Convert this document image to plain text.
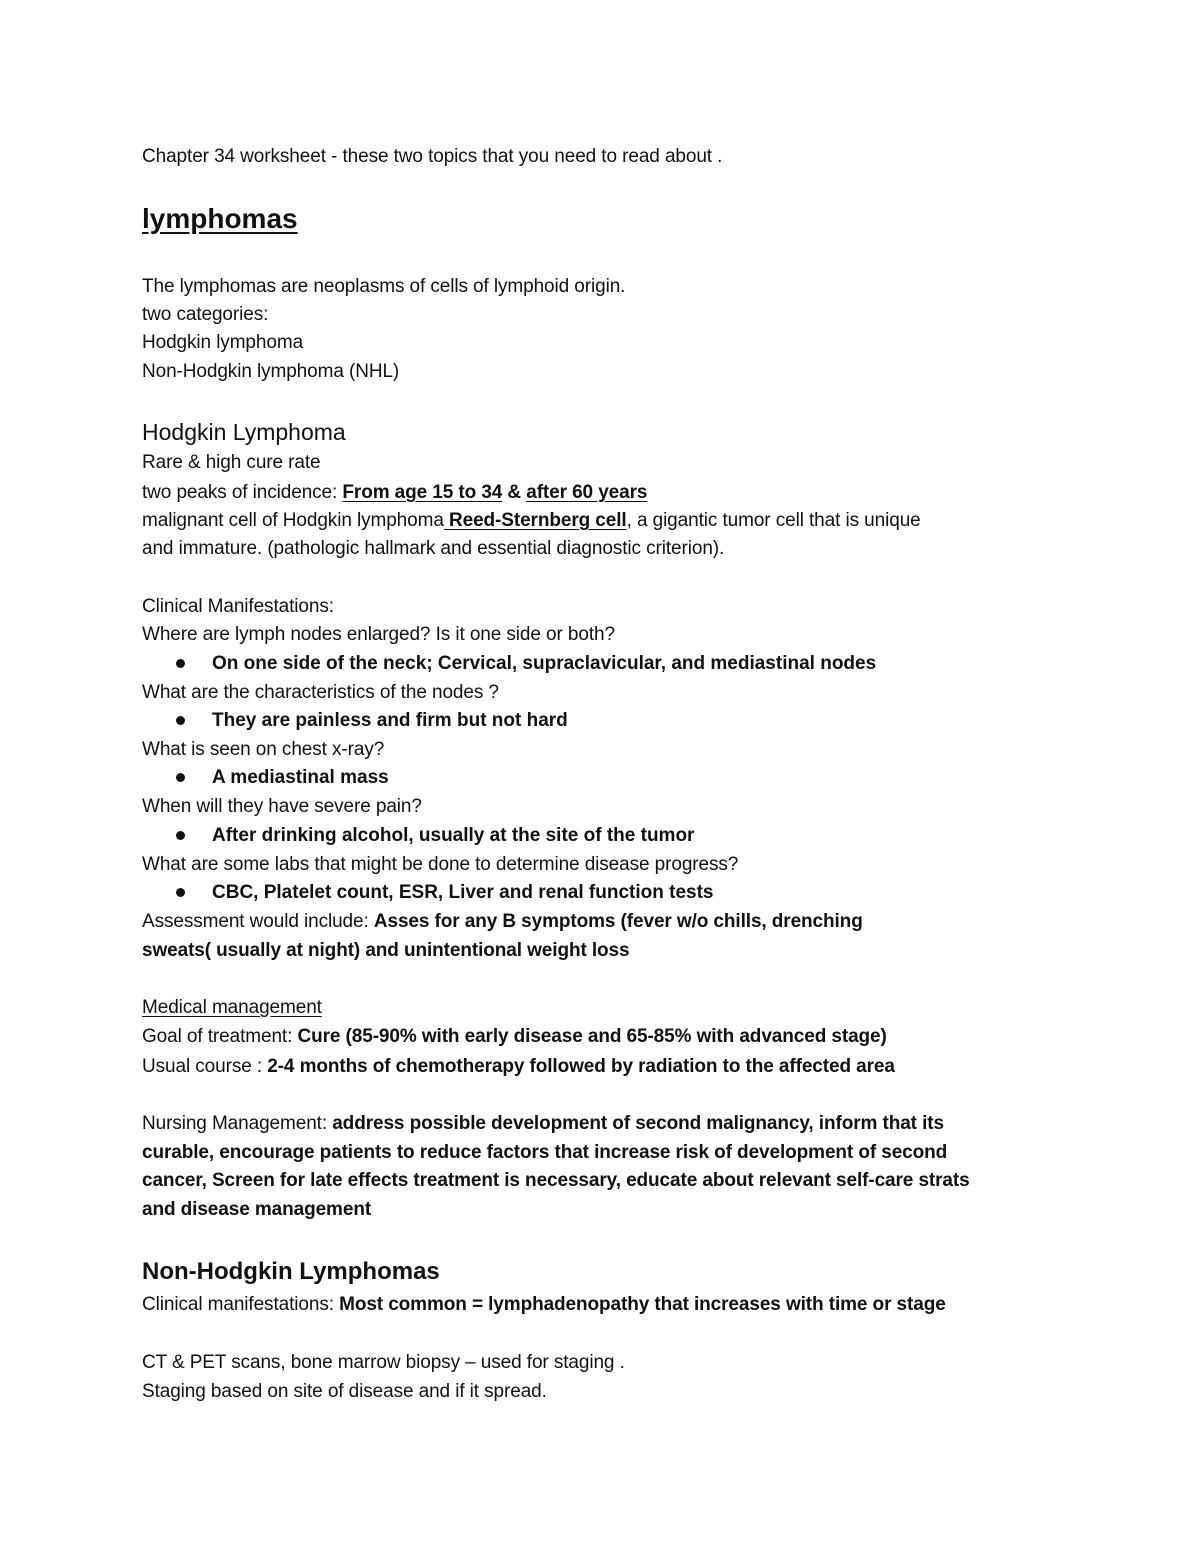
Chapter 34 worksheet - these two topics that you need to read about .
lymphomas
The lymphomas are neoplasms of cells of lymphoid origin.
two categories:
Hodgkin lymphoma
Non-Hodgkin lymphoma (NHL)
Hodgkin Lymphoma
Rare & high cure rate
two peaks of incidence: From age 15 to 34 & after 60 years
malignant cell of Hodgkin lymphoma Reed-Sternberg cell, a gigantic tumor cell that is unique
and immature. (pathologic hallmark and essential diagnostic criterion).
Clinical Manifestations:
Where are lymph nodes enlarged? Is it one side or both?
On one side of the neck; Cervical, supraclavicular, and mediastinal nodes
What are the characteristics of the nodes ?
They are painless and firm but not hard
What is seen on chest x-ray?
A mediastinal mass
When will they have severe pain?
After drinking alcohol, usually at the site of the tumor
What are some labs that might be done to determine disease progress?
CBC, Platelet count, ESR, Liver and renal function tests
Assessment would include: Asses for any B symptoms (fever w/o chills, drenching
sweats( usually at night) and unintentional weight loss
Medical management
Goal of treatment: Cure (85-90% with early disease and 65-85% with advanced stage)
Usual course : 2-4 months of chemotherapy followed by radiation to the affected area
Nursing Management: address possible development of second malignancy, inform that its
curable, encourage patients to reduce factors that increase risk of development of second
cancer, Screen for late effects treatment is necessary, educate about relevant self-care strats
and disease management
Non-Hodgkin Lymphomas
Clinical manifestations: Most common = lymphadenopathy that increases with time or stage
CT & PET scans, bone marrow biopsy – used for staging .
Staging based on site of disease and if it spread.
